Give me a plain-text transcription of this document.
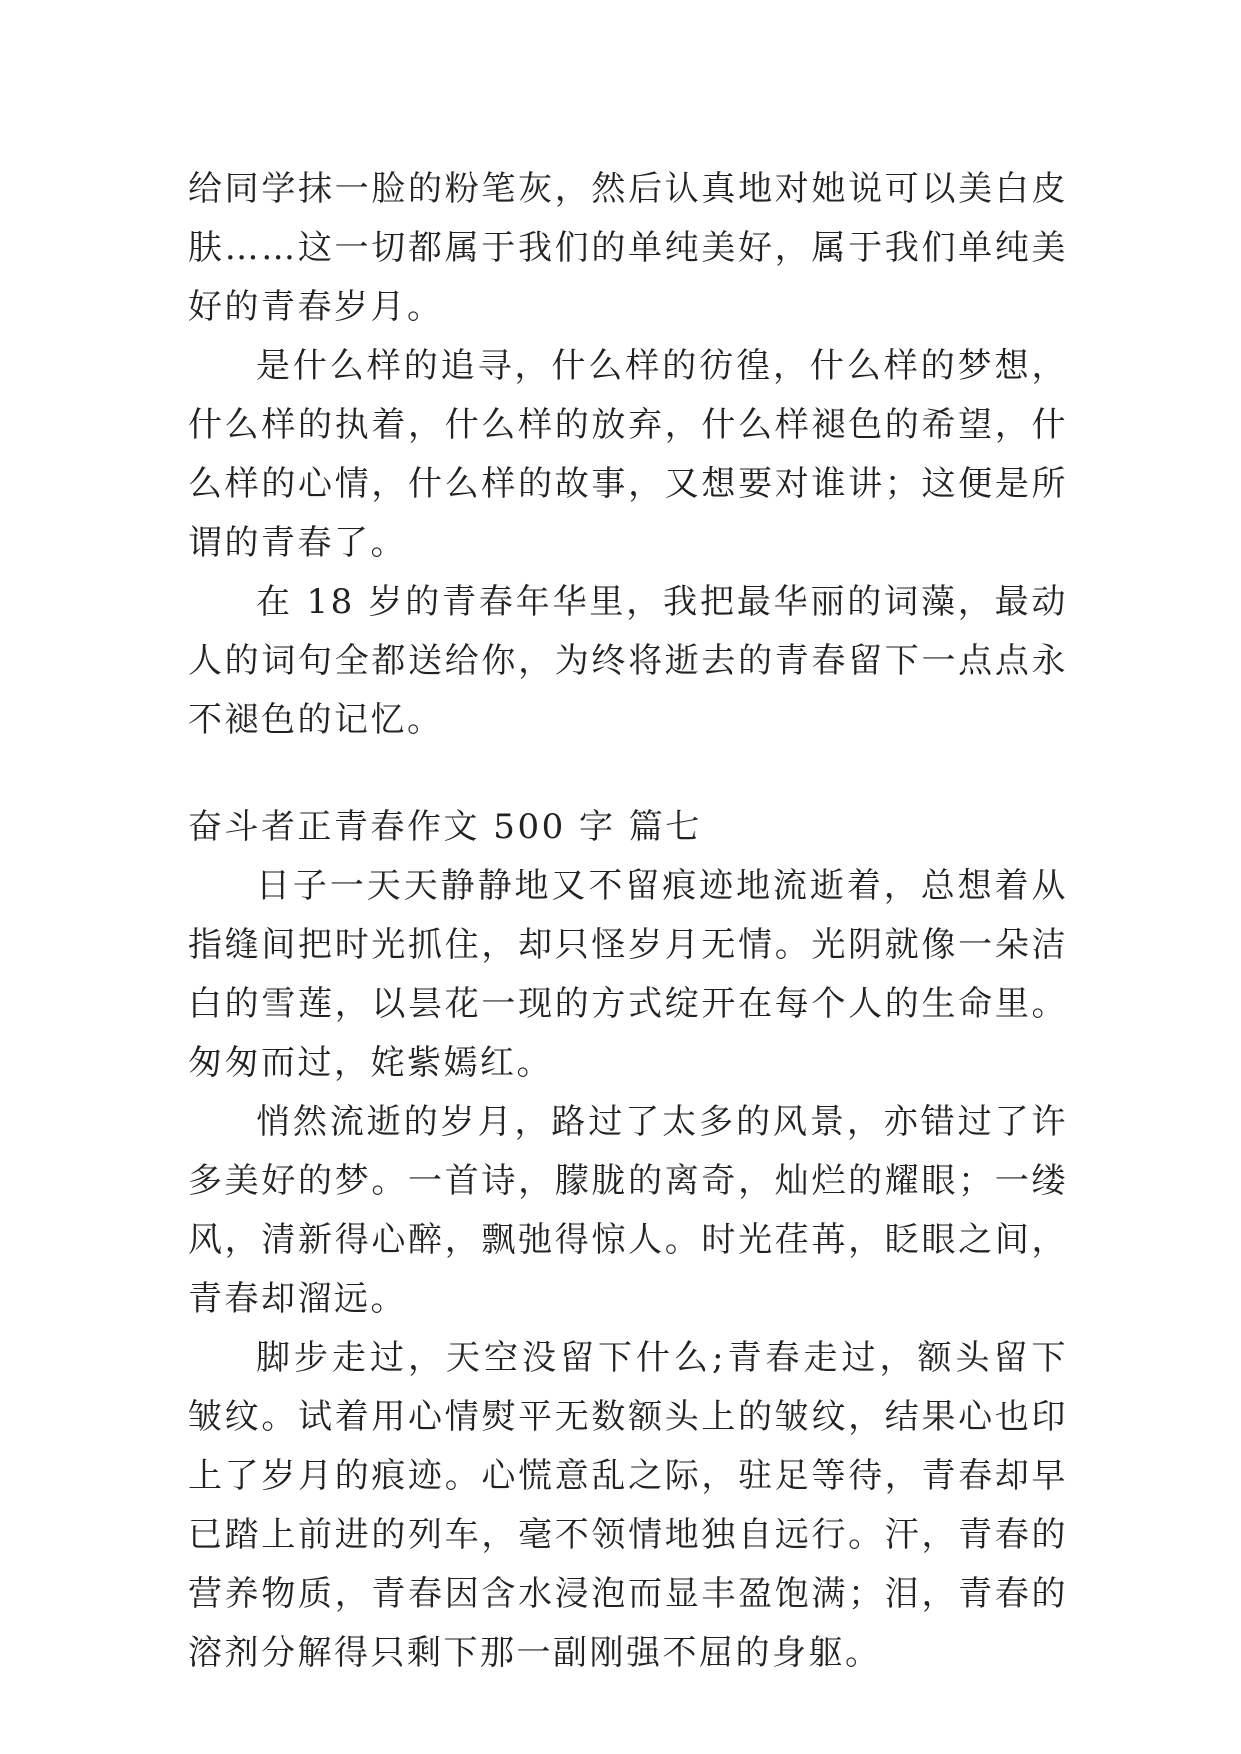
给同学抹一脸的粉笔灰，然后认真地对她说可以美白皮肤……这一切都属于我们的单纯美好，属于我们单纯美好的青春岁月。

是什么样的追寻，什么样的彷徨，什么样的梦想，什么样的执着，什么样的放弃，什么样褪色的希望，什么样的心情，什么样的故事，又想要对谁讲；这便是所谓的青春了。

在 18 岁的青春年华里，我把最华丽的词藻，最动人的词句全都送给你，为终将逝去的青春留下一点点永不褪色的记忆。

奋斗者正青春作文 500 字 篇七

日子一天天静静地又不留痕迹地流逝着，总想着从指缝间把时光抓住，却只怪岁月无情。光阴就像一朵洁白的雪莲，以昙花一现的方式绽开在每个人的生命里。匆匆而过，姹紫嫣红。

悄然流逝的岁月，路过了太多的风景，亦错过了许多美好的梦。一首诗，朦胧的离奇，灿烂的耀眼；一缕风，清新得心醉，飘弛得惊人。时光荏苒，眨眼之间，青春却溜远。

脚步走过，天空没留下什么;青春走过，额头留下皱纹。试着用心情熨平无数额头上的皱纹，结果心也印上了岁月的痕迹。心慌意乱之际，驻足等待，青春却早已踏上前进的列车，毫不领情地独自远行。汗，青春的营养物质，青春因含水浸泡而显丰盈饱满；泪，青春的溶剂分解得只剩下那一副刚强不屈的身躯。
